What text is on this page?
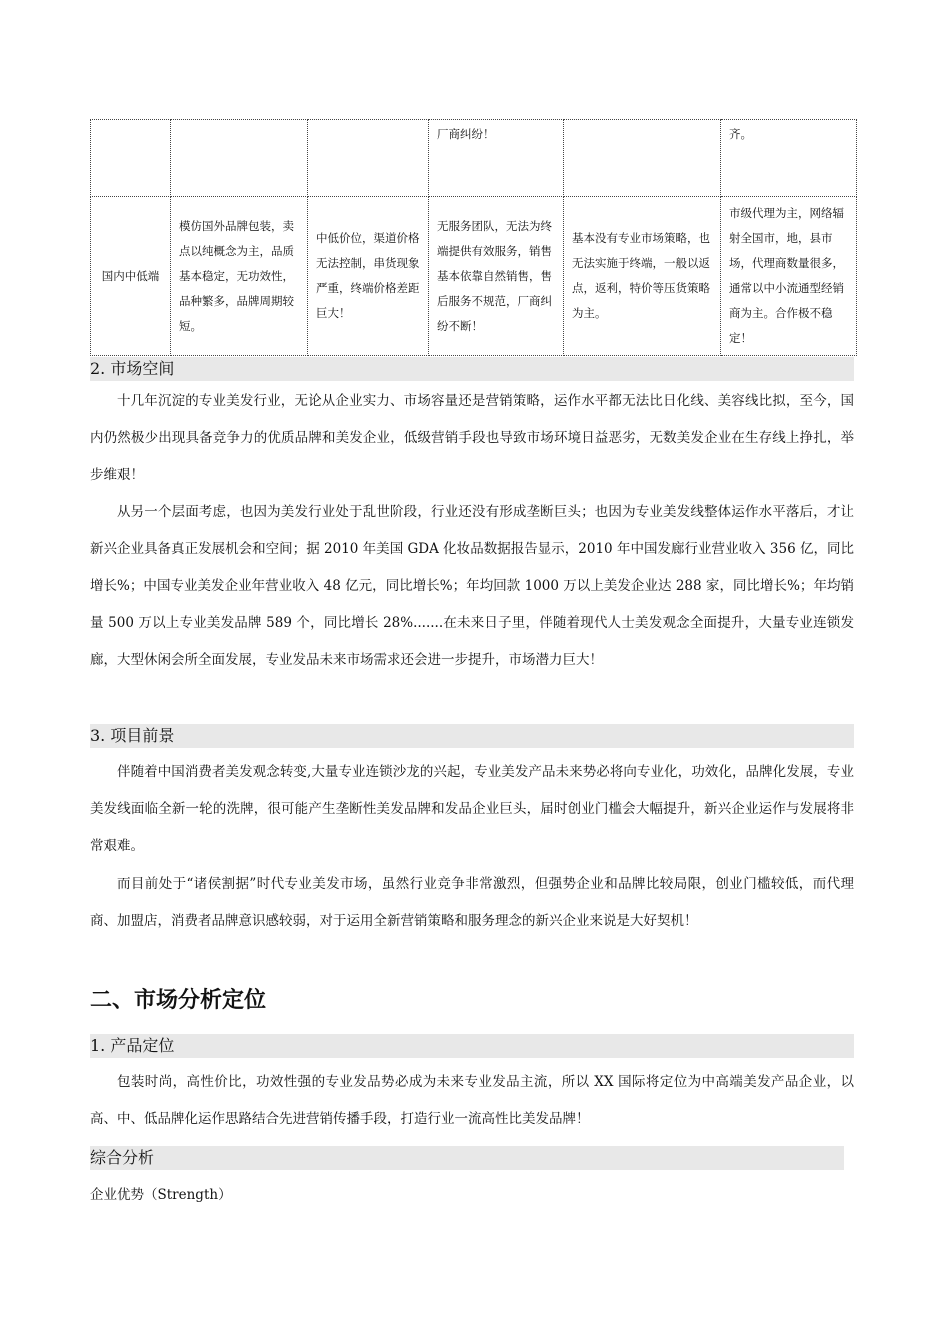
			厂商纠纷！		齐。
国内中低端	模仿国外品牌包装，卖点以纯概念为主，品质基本稳定，无功效性，品种繁多，品牌周期较短。	中低价位，渠道价格无法控制，串货现象严重，终端价格差距巨大！	无服务团队，无法为终端提供有效服务，销售基本依靠自然销售，售后服务不规范，厂商纠纷不断！	基本没有专业市场策略，也无法实施于终端，一般以返点，返利，特价等压货策略为主。	市级代理为主，网络辐射全国市，地，县市场，代理商数量很多，通常以中小流通型经销商为主。合作极不稳定！
2. 市场空间

十几年沉淀的专业美发行业，无论从企业实力、市场容量还是营销策略，运作水平都无法比日化线、美容线比拟，至今，国内仍然极少出现具备竞争力的优质品牌和美发企业，低级营销手段也导致市场环境日益恶劣，无数美发企业在生存线上挣扎，举步维艰！

从另一个层面考虑，也因为美发行业处于乱世阶段，行业还没有形成垄断巨头；也因为专业美发线整体运作水平落后，才让新兴企业具备真正发展机会和空间；据 2010 年美国 GDA 化妆品数据报告显示，2010 年中国发廊行业营业收入 356 亿，同比增长%；中国专业美发企业年营业收入 48 亿元，同比增长%；年均回款 1000 万以上美发企业达 288 家，同比增长%；年均销量 500 万以上专业美发品牌 589 个，同比增长 28%.......在未来日子里，伴随着现代人士美发观念全面提升，大量专业连锁发廊，大型休闲会所全面发展，专业发品未来市场需求还会进一步提升，市场潜力巨大！

3. 项目前景

伴随着中国消费者美发观念转变,大量专业连锁沙龙的兴起，专业美发产品未来势必将向专业化，功效化，品牌化发展，专业美发线面临全新一轮的洗牌，很可能产生垄断性美发品牌和发品企业巨头，届时创业门槛会大幅提升，新兴企业运作与发展将非常艰难。

而目前处于“诸侯割据”时代专业美发市场，虽然行业竞争非常激烈，但强势企业和品牌比较局限，创业门槛较低，而代理商、加盟店，消费者品牌意识感较弱，对于运用全新营销策略和服务理念的新兴企业来说是大好契机！

二、市场分析定位
1. 产品定位

包装时尚，高性价比，功效性强的专业发品势必成为未来专业发品主流，所以 XX 国际将定位为中高端美发产品企业，以高、中、低品牌化运作思路结合先进营销传播手段，打造行业一流高性比美发品牌！

综合分析
企业优势（Strength）
